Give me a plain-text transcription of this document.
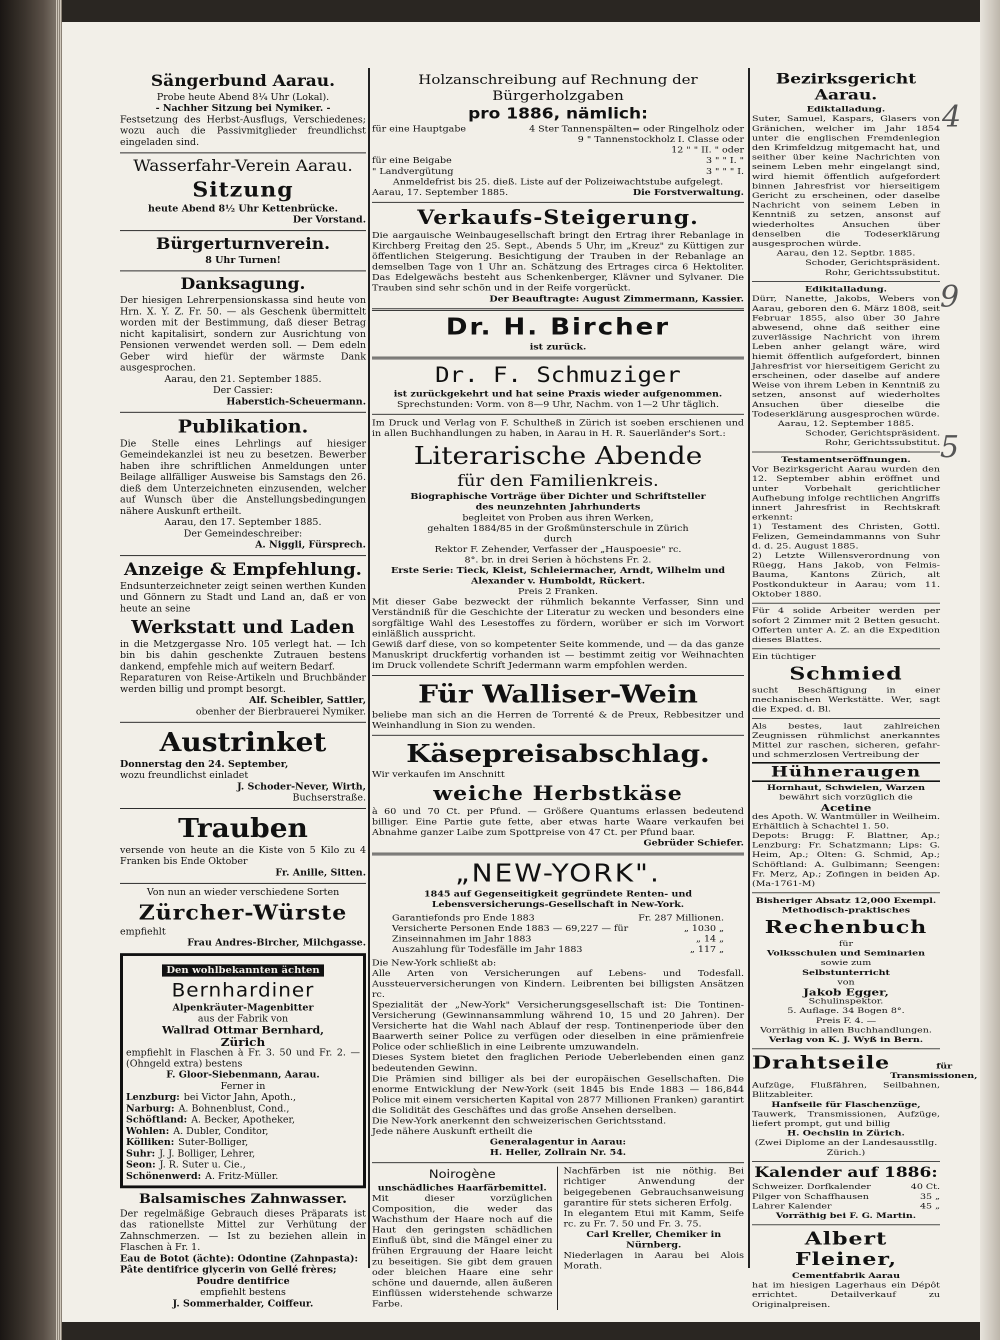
4
9
5
Sängerbund Aarau.

Probe heute Abend 8¼ Uhr (Lokal).

- Nachher Sitzung bei Nymiker. -

Festsetzung des Herbst-Ausflugs, Verschiedenes; wozu auch die Passivmitglieder freundlichst eingeladen sind.

Wasserfahr-Verein Aarau.
Sitzung

heute Abend 8½ Uhr Kettenbrücke.

Der Vorstand.

Bürgerturnverein.

8 Uhr Turnen!

Danksagung.

Der hiesigen Lehrerpensionskassa sind heute von Hrn. X. Y. Z. Fr. 50. — als Geschenk übermittelt worden mit der Bestimmung, daß dieser Betrag nicht kapitalisirt, sondern zur Ausrichtung von Pensionen verwendet werden soll. — Dem edeln Geber wird hiefür der wärmste Dank ausgesprochen.

Aarau, den 21. September 1885.

Der Cassier:

Haberstich-Scheuermann.

Publikation.

Die Stelle eines Lehrlings auf hiesiger Gemeindekanzlei ist neu zu besetzen. Bewerber haben ihre schriftlichen Anmeldungen unter Beilage allfälliger Ausweise bis Samstags den 26. dieß dem Unterzeichneten einzusenden, welcher auf Wunsch über die Anstellungsbedingungen nähere Auskunft ertheilt.

Aarau, den 17. September 1885.

Der Gemeindeschreiber:

A. Niggli, Fürsprech.

Anzeige & Empfehlung.

Endsunterzeichneter zeigt seinen werthen Kunden und Gönnern zu Stadt und Land an, daß er von heute an seine

Werkstatt und Laden

in die Metzgergasse Nro. 105 verlegt hat. — Ich bin bis dahin geschenkte Zutrauen bestens dankend, empfehle mich auf weitern Bedarf.

Reparaturen von Reise-Artikeln und Bruchbänder werden billig und prompt besorgt.

Alf. Scheibler, Sattler,

obenher der Bierbrauerei Nymiker.

Austrinket

Donnerstag den 24. September,

wozu freundlichst einladet

J. Schoder-Never, Wirth,

Buchserstraße.

Trauben

versende von heute an die Kiste von 5 Kilo zu 4 Franken bis Ende Oktober

Fr. Anille, Sitten.

Von nun an wieder verschiedene Sorten

Zürcher-Würste

empfiehlt

Frau Andres-Bircher, Milchgasse.

Den wohlbekannten ächten
Bernhardiner

Alpenkräuter-Magenbitter

aus der Fabrik von

Wallrad Ottmar Bernhard,

Zürich

empfiehlt in Flaschen à Fr. 3. 50 und Fr. 2. — (Ohngeld extra) bestens

F. Gloor-Siebenmann, Aarau.

Ferner in

Lenzburg: bei Victor Jahn, Apoth.,
Narburg: A. Bohnenblust, Cond.,
Schöftland: A. Becker, Apotheker,
Wohlen: A. Dubler, Conditor,
Kölliken: Suter-Bolliger,
Suhr: J. J. Bolliger, Lehrer,
Seon: J. R. Suter u. Cie.,
Schönenwerd: A. Fritz-Müller.
Balsamisches Zahnwasser.

Der regelmäßige Gebrauch dieses Präparats ist das rationellste Mittel zur Verhütung der Zahnschmerzen. — Ist zu beziehen allein in Flaschen à Fr. 1.

Eau de Botot (ächte): Odontine (Zahnpasta):

Pâte dentifrice glycerin von Gellé frères;

Poudre dentifrice

empfiehlt bestens

J. Sommerhalder, Coiffeur.

Holzanschreibung auf Rechnung der Bürgerholzgaben
pro 1886, nämlich:
für eine Hauptgabe	4 Ster Tannenspälten= oder Ringelholz oder
9 " Tannenstockholz I. Classe oder
12 " " II. " oder
für eine Beigabe	3 " " I. "
" Landvergütung	3 " " " I.

Anmeldefrist bis 25. dieß. Liste auf der Polizeiwachtstube aufgelegt.

Aarau, 17. September 1885.	Die Forstverwaltung.
Verkaufs-Steigerung.

Die aargauische Weinbaugesellschaft bringt den Ertrag ihrer Rebanlage in Kirchberg Freitag den 25. Sept., Abends 5 Uhr, im „Kreuz" zu Küttigen zur öffentlichen Steigerung. Besichtigung der Trauben in der Rebanlage an demselben Tage von 1 Uhr an. Schätzung des Ertrages circa 6 Hektoliter. Das Edelgewächs besteht aus Schenkenberger, Klävner und Sylvaner. Die Trauben sind sehr schön und in der Reife vorgerückt.

Der Beauftragte: August Zimmermann, Kassier.

Dr. H. Bircher

ist zurück.

Dr. F. Schmuziger

ist zurückgekehrt und hat seine Praxis wieder aufgenommen.

Sprechstunden: Vorm. von 8—9 Uhr, Nachm. von 1—2 Uhr täglich.

Im Druck und Verlag von F. Schultheß in Zürich ist soeben erschienen und in allen Buchhandlungen zu haben, in Aarau in H. R. Sauerländer's Sort.:

Literarische Abende
für den Familienkreis.

Biographische Vorträge über Dichter und Schriftsteller

des neunzehnten Jahrhunderts

begleitet von Proben aus ihren Werken,

gehalten 1884/85 in der Großmünsterschule in Zürich

durch

Rektor F. Zehender, Verfasser der „Hauspoesie" rc.

8°. br. in drei Serien à höchstens Fr. 2.

Erste Serie: Tieck, Kleist, Schleiermacher, Arndt, Wilhelm und

Alexander v. Humboldt, Rückert.

Preis 2 Franken.

Mit dieser Gabe bezweckt der rühmlich bekannte Verfasser, Sinn und Verständniß für die Geschichte der Literatur zu wecken und besonders eine sorgfältige Wahl des Lesestoffes zu fördern, worüber er sich im Vorwort einläßlich ausspricht.

Gewiß darf diese, von so kompetenter Seite kommende, und — da das ganze Manuskript druckfertig vorhanden ist — bestimmt zeitig vor Weihnachten im Druck vollendete Schrift Jedermann warm empfohlen werden.

Für Walliser-Wein

beliebe man sich an die Herren de Torrenté & de Preux, Rebbesitzer und Weinhandlung in Sion zu wenden.

Käsepreisabschlag.

Wir verkaufen im Anschnitt

weiche Herbstkäse

à 60 und 70 Ct. per Pfund. — Größere Quantums erlassen bedeutend billiger. Eine Partie gute fette, aber etwas harte Waare verkaufen bei Abnahme ganzer Laibe zum Spottpreise von 47 Ct. per Pfund baar.

Gebrüder Schiefer.

„NEW-YORK".

1845 auf Gegenseitigkeit gegründete Renten- und Lebensversicherungs-Gesellschaft in New-York.

Garantiefonds pro Ende 1883	Fr. 287 Millionen.
Versicherte Personen Ende 1883 — 69,227 — für	„ 1030 „
Zinseinnahmen im Jahr 1883	„ 14 „
Auszahlung für Todesfälle im Jahr 1883	„ 117 „

Die New-York schließt ab:

Alle Arten von Versicherungen auf Lebens- und Todesfall. Aussteuerversicherungen von Kindern. Leibrenten bei billigsten Ansätzen rc.

Spezialität der „New-York" Versicherungsgesellschaft ist: Die Tontinen-Versicherung (Gewinnansammlung während 10, 15 und 20 Jahren). Der Versicherte hat die Wahl nach Ablauf der resp. Tontinenperiode über den Baarwerth seiner Police zu verfügen oder dieselben in eine prämienfreie Police oder schließlich in eine Leibrente umzuwandeln.

Dieses System bietet den fraglichen Periode Ueberlebenden einen ganz bedeutenden Gewinn.

Die Prämien sind billiger als bei der europäischen Gesellschaften. Die enorme Entwicklung der New-York (seit 1845 bis Ende 1883 — 186,844 Police mit einem versicherten Kapital von 2877 Millionen Franken) garantirt die Solidität des Geschäftes und das große Ansehen derselben.

Die New-York anerkennt den schweizerischen Gerichtsstand.

Jede nähere Auskunft ertheilt die

Generalagentur in Aarau:

H. Heller, Zollrain Nr. 54.

Noirogène

unschädliches Haarfärbemittel.

Mit dieser vorzüglichen Composition, die weder das Wachsthum der Haare noch auf die Haut den geringsten schädlichen Einfluß übt, sind die Mängel einer zu frühen Ergrauung der Haare leicht zu beseitigen. Sie gibt dem grauen oder bleichen Haare eine sehr schöne und dauernde, allen äußeren Einflüssen widerstehende schwarze Farbe.

Nachfärben ist nie nöthig. Bei richtiger Anwendung der beigegebenen Gebrauchsanweisung garantire für stets sicheren Erfolg.

In elegantem Etui mit Kamm, Seife rc. zu Fr. 7. 50 und Fr. 3. 75.

Carl Kreller, Chemiker in Nürnberg.

Niederlagen in Aarau bei Alois Morath.

Bezirksgericht Aarau.

Ediktalladung.

Suter, Samuel, Kaspars, Glasers von Gränichen, welcher im Jahr 1854 unter die englischen Fremdenlegion den Krimfeldzug mitgemacht hat, und seither über keine Nachrichten von seinem Leben mehr eingelangt sind, wird hiemit öffentlich aufgefordert binnen Jahresfrist vor hierseitigem Gericht zu erscheinen, oder daselbe Nachricht von seinem Leben in Kenntniß zu setzen, ansonst auf wiederholtes Ansuchen über denselben die Todeserklärung ausgesprochen würde.

Aarau, den 12. Septbr. 1885.

Schoder, Gerichtspräsident.

Rohr, Gerichtssubstitut.

Edikitalladung.

Dürr, Nanette, Jakobs, Webers von Aarau, geboren den 6. März 1808, seit Februar 1855, also über 30 Jahre abwesend, ohne daß seither eine zuverlässige Nachricht von ihrem Leben anher gelangt wäre, wird hiemit öffentlich aufgefordert, binnen Jahresfrist vor hierseitigem Gericht zu erscheinen, oder daselbe auf andere Weise von ihrem Leben in Kenntniß zu setzen, ansonst auf wiederholtes Ansuchen über dieselbe die Todeserklärung ausgesprochen würde.

Aarau, 12. September 1885.

Schoder, Gerichtspräsident.

Rohr, Gerichtssubstitut.

Testamentseröffnungen.

Vor Bezirksgericht Aarau wurden den 12. September abhin eröffnet und unter Vorbehalt gerichtlicher Aufhebung infolge rechtlichen Angriffs innert Jahresfrist in Rechtskraft erkennt:

1) Testament des Christen, Gottl. Felizen, Gemeindammanns von Suhr d. d. 25. August 1885.

2) Letzte Willensverordnung von Rüegg, Hans Jakob, von Felmis-Bauma, Kantons Zürich, alt Postkondukteur in Aarau; vom 11. Oktober 1880.

Für 4 solide Arbeiter werden per sofort 2 Zimmer mit 2 Betten gesucht. Offerten unter A. Z. an die Expedition dieses Blattes.

Ein tüchtiger

Schmied

sucht Beschäftigung in einer mechanischen Werkstätte. Wer, sagt die Exped. d. Bl.

Als bestes, laut zahlreichen Zeugnissen rühmlichst anerkanntes Mittel zur raschen, sicheren, gefahr- und schmerzlosen Vertreibung der

Hühneraugen

Hornhaut, Schwielen, Warzen

bewährt sich vorzüglich die

Acetine

des Apoth. W. Wantmüller in Weilheim. Erhältlich à Schachtel 1. 50.

Depots: Brugg: F. Blattner, Ap.; Lenzburg: Fr. Schatzmann; Lips: G. Heim, Ap.; Olten: G. Schmid, Ap.; Schöftland: A. Gulbimann; Seengen: Fr. Merz, Ap.; Zofingen in beiden Ap. (Ma-1761-M)

Bisheriger Absatz 12,000 Exempl.

Methodisch-praktisches

Rechenbuch

für

Volksschulen und Seminarien

sowie zum

Selbstunterricht

von

Jakob Egger,

Schulinspektor.

5. Auflage. 34 Bogen 8°.

Preis F. 4. —

Vorräthig in allen Buchhandlungen.

Verlag von K. J. Wyß in Bern.

Drahtseile	für Transmissionen,

Aufzüge, Flußfähren, Seilbahnen, Blitzableiter.

Hanfseile für Flaschenzüge,

Tauwerk, Transmissionen, Aufzüge, liefert prompt, gut und billig

H. Oechslin in Zürich.

(Zwei Diplome an der Landesausstllg. Zürich.)

Kalender auf 1886:
Schweizer. Dorfkalender	40 Ct.
Pilger von Schaffhausen	35 „
Lahrer Kalender	45 „

Vorräthig bei F. G. Martin.

Albert Fleiner,

Cementfabrik Aarau

hat im hiesigen Lagerhaus ein Dépôt errichtet. Detailverkauf zu Originalpreisen.
